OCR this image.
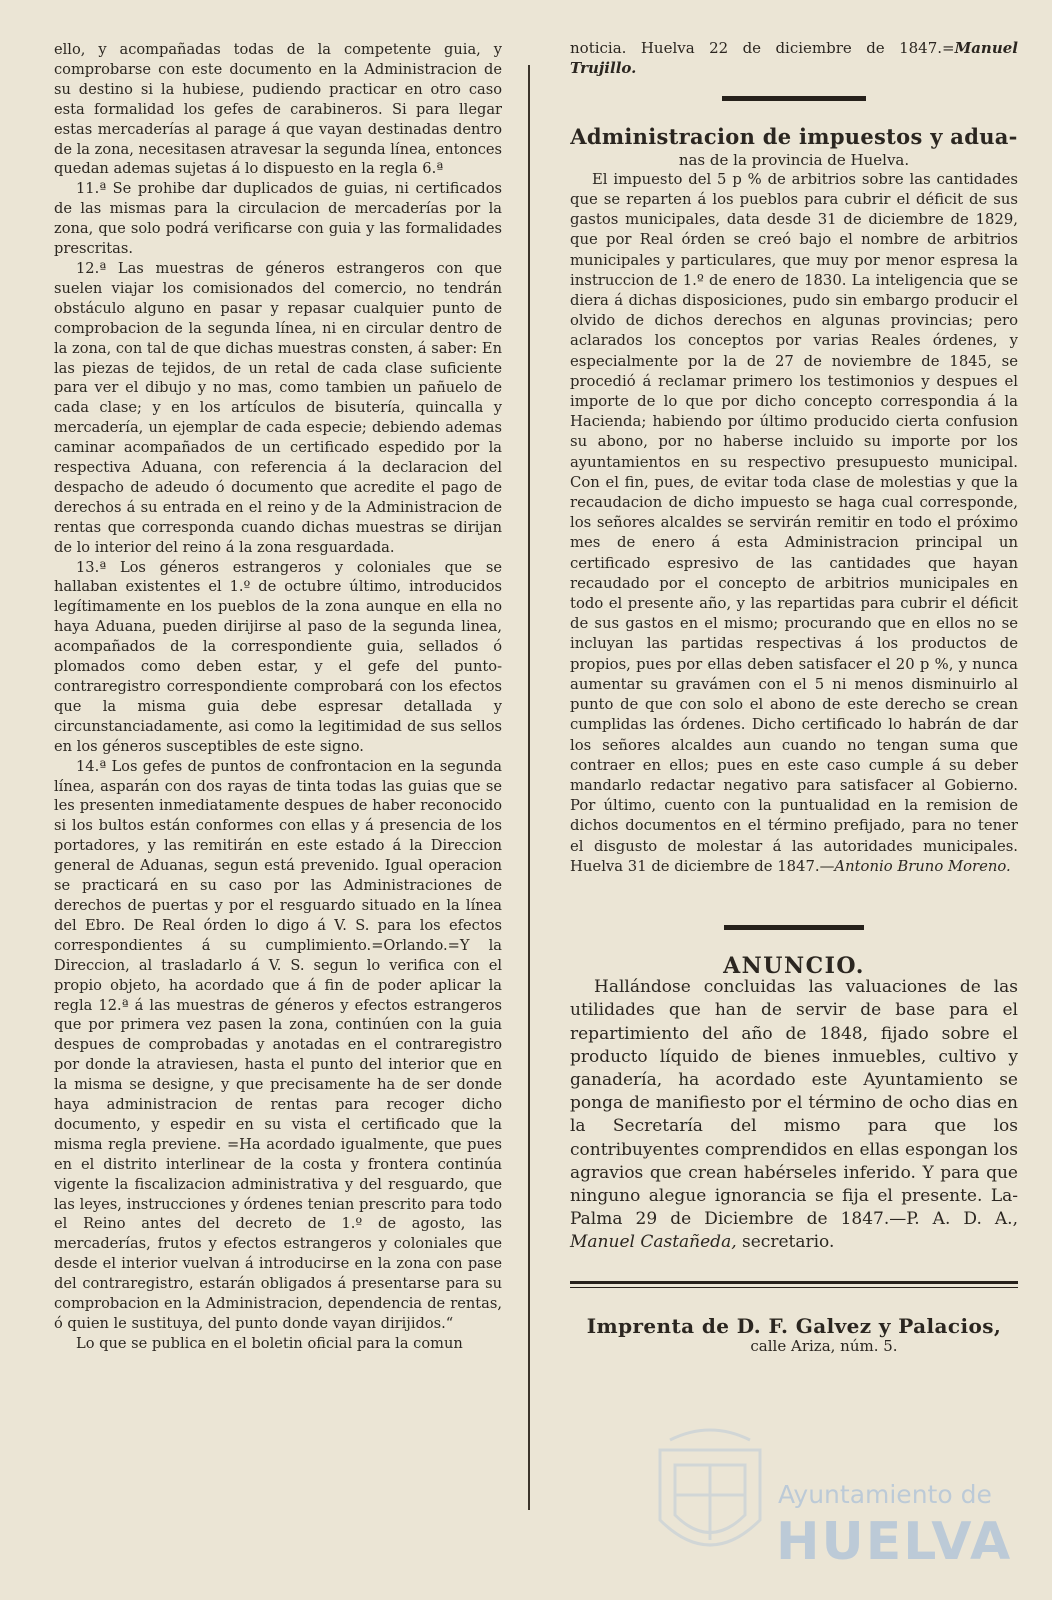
ello, y acompañadas todas de la competente guia, y comprobarse con este documento en la Administracion de su destino si la hubiese, pudiendo practicar en otro caso esta formalidad los gefes de carabineros. Si para llegar estas mercaderías al parage á que vayan destinadas dentro de la zona, necesitasen atravesar la segunda línea, entonces quedan ademas sujetas á lo dispuesto en la regla 6.ª

11.ª Se prohibe dar duplicados de guias, ni certificados de las mismas para la circulacion de mercaderías por la zona, que solo podrá verificarse con guia y las formalidades prescritas.

12.ª Las muestras de géneros estrangeros con que suelen viajar los comisionados del comercio, no tendrán obstáculo alguno en pasar y repasar cualquier punto de comprobacion de la segunda línea, ni en circular dentro de la zona, con tal de que dichas muestras consten, á saber: En las piezas de tejidos, de un retal de cada clase suficiente para ver el dibujo y no mas, como tambien un pañuelo de cada clase; y en los artículos de bisutería, quincalla y mercadería, un ejemplar de cada especie; debiendo ademas caminar acompañados de un certificado espedido por la respectiva Aduana, con referencia á la declaracion del despacho de adeudo ó documento que acredite el pago de derechos á su entrada en el reino y de la Administracion de rentas que corresponda cuando dichas muestras se dirijan de lo interior del reino á la zona resguardada.

13.ª Los géneros estrangeros y coloniales que se hallaban existentes el 1.º de octubre último, introducidos legítimamente en los pueblos de la zona aunque en ella no haya Aduana, pueden dirijirse al paso de la segunda linea, acompañados de la correspondiente guia, sellados ó plomados como deben estar, y el gefe del punto-contraregistro correspondiente comprobará con los efectos que la misma guia debe espresar detallada y circunstanciadamente, asi como la legitimidad de sus sellos en los géneros susceptibles de este signo.

14.ª Los gefes de puntos de confrontacion en la segunda línea, asparán con dos rayas de tinta todas las guias que se les presenten inmediatamente despues de haber reconocido si los bultos están conformes con ellas y á presencia de los portadores, y las remitirán en este estado á la Direccion general de Aduanas, segun está prevenido. Igual operacion se practicará en su caso por las Administraciones de derechos de puertas y por el resguardo situado en la línea del Ebro. De Real órden lo digo á V. S. para los efectos correspondientes á su cumplimiento.=Orlando.=Y la Direccion, al trasladarlo á V. S. segun lo verifica con el propio objeto, ha acordado que á fin de poder aplicar la regla 12.ª á las muestras de géneros y efectos estrangeros que por primera vez pasen la zona, continúen con la guia despues de comprobadas y anotadas en el contraregistro por donde la atraviesen, hasta el punto del interior que en la misma se designe, y que precisamente ha de ser donde haya administracion de rentas para recoger dicho documento, y espedir en su vista el certificado que la misma regla previene. =Ha acordado igualmente, que pues en el distrito interlinear de la costa y frontera continúa vigente la fiscalizacion administrativa y del resguardo, que las leyes, instrucciones y órdenes tenian prescrito para todo el Reino antes del decreto de 1.º de agosto, las mercaderías, frutos y efectos estrangeros y coloniales que desde el interior vuelvan á introducirse en la zona con pase del contraregistro, estarán obligados á presentarse para su comprobacion en la Administracion, dependencia de rentas, ó quien le sustituya, del punto donde vayan dirijidos.“

Lo que se publica en el boletin oficial para la comun

noticia. Huelva 22 de diciembre de 1847.=Manuel Trujillo.

Administracion de impuestos y adua-
nas de la provincia de Huelva.

El impuesto del 5 p % de arbitrios sobre las cantidades que se reparten á los pueblos para cubrir el déficit de sus gastos municipales, data desde 31 de diciembre de 1829, que por Real órden se creó bajo el nombre de arbitrios municipales y particulares, que muy por menor espresa la instruccion de 1.º de enero de 1830. La inteligencia que se diera á dichas disposiciones, pudo sin embargo producir el olvido de dichos derechos en algunas provincias; pero aclarados los conceptos por varias Reales órdenes, y especialmente por la de 27 de noviembre de 1845, se procedió á reclamar primero los testimonios y despues el importe de lo que por dicho concepto correspondia á la Hacienda; habiendo por último producido cierta confusion su abono, por no haberse incluido su importe por los ayuntamientos en su respectivo presupuesto municipal. Con el fin, pues, de evitar toda clase de molestias y que la recaudacion de dicho impuesto se haga cual corresponde, los señores alcaldes se servirán remitir en todo el próximo mes de enero á esta Administracion principal un certificado espresivo de las cantidades que hayan recaudado por el concepto de arbitrios municipales en todo el presente año, y las repartidas para cubrir el déficit de sus gastos en el mismo; procurando que en ellos no se incluyan las partidas respectivas á los productos de propios, pues por ellas deben satisfacer el 20 p %, y nunca aumentar su gravámen con el 5 ni menos disminuirlo al punto de que con solo el abono de este derecho se crean cumplidas las órdenes. Dicho certificado lo habrán de dar los señores alcaldes aun cuando no tengan suma que contraer en ellos; pues en este caso cumple á su deber mandarlo redactar negativo para satisfacer al Gobierno. Por último, cuento con la puntualidad en la remision de dichos documentos en el término prefijado, para no tener el disgusto de molestar á las autoridades municipales. Huelva 31 de diciembre de 1847.—Antonio Bruno Moreno.

ANUNCIO.

Hallándose concluidas las valuaciones de las utilidades que han de servir de base para el repartimiento del año de 1848, fijado sobre el producto líquido de bienes inmuebles, cultivo y ganadería, ha acordado este Ayuntamiento se ponga de manifiesto por el término de ocho dias en la Secretaría del mismo para que los contribuyentes comprendidos en ellas espongan los agravios que crean habérseles inferido. Y para que ninguno alegue ignorancia se fija el presente. La-Palma 29 de Diciembre de 1847.—P. A. D. A., Manuel Castañeda, secretario.

Imprenta de D. F. Galvez y Palacios,
calle Ariza, núm. 5.
Ayuntamiento de
HUELVA
